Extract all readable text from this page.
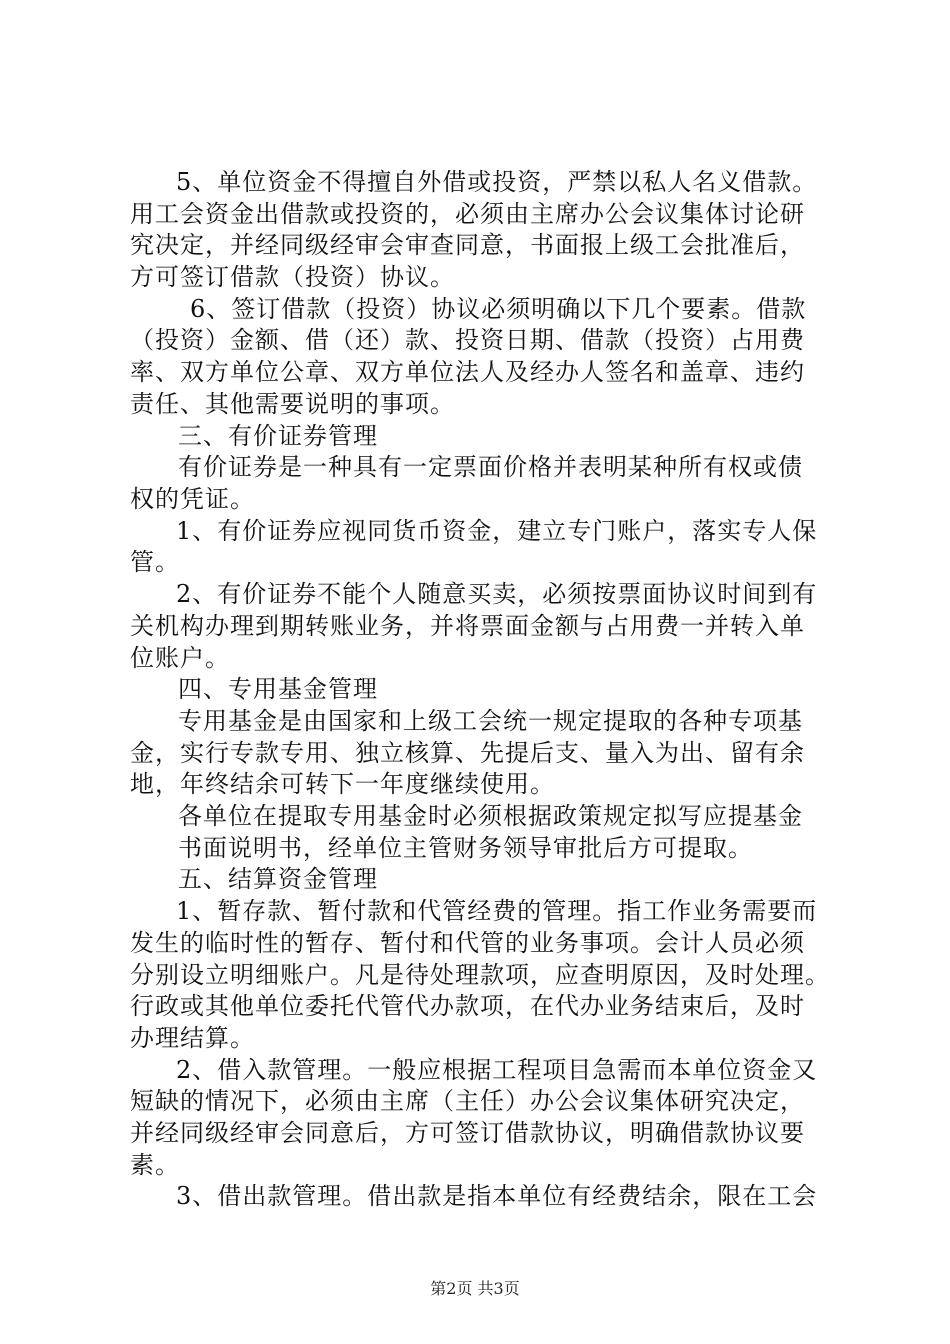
5、单位资金不得擅自外借或投资，严禁以私人名义借款。
用工会资金出借款或投资的，必须由主席办公会议集体讨论研
究决定，并经同级经审会审查同意，书面报上级工会批准后，
方可签订借款（投资）协议。
6、签订借款（投资）协议必须明确以下几个要素。借款
（投资）金额、借（还）款、投资日期、借款（投资）占用费
率、双方单位公章、双方单位法人及经办人签名和盖章、违约
责任、其他需要说明的事项。
三、有价证券管理
有价证券是一种具有一定票面价格并表明某种所有权或债
权的凭证。
1、有价证券应视同货币资金，建立专门账户，落实专人保
管。
2、有价证券不能个人随意买卖，必须按票面协议时间到有
关机构办理到期转账业务，并将票面金额与占用费一并转入单
位账户。
四、专用基金管理
专用基金是由国家和上级工会统一规定提取的各种专项基
金，实行专款专用、独立核算、先提后支、量入为出、留有余
地，年终结余可转下一年度继续使用。
各单位在提取专用基金时必须根据政策规定拟写应提基金
书面说明书，经单位主管财务领导审批后方可提取。
五、结算资金管理
1、暂存款、暂付款和代管经费的管理。指工作业务需要而
发生的临时性的暂存、暂付和代管的业务事项。会计人员必须
分别设立明细账户。凡是待处理款项，应查明原因，及时处理。
行政或其他单位委托代管代办款项，在代办业务结束后，及时
办理结算。
2、借入款管理。一般应根据工程项目急需而本单位资金又
短缺的情况下，必须由主席（主任）办公会议集体研究决定，
并经同级经审会同意后，方可签订借款协议，明确借款协议要
素。
3、借出款管理。借出款是指本单位有经费结余，限在工会
第2页 共3页
